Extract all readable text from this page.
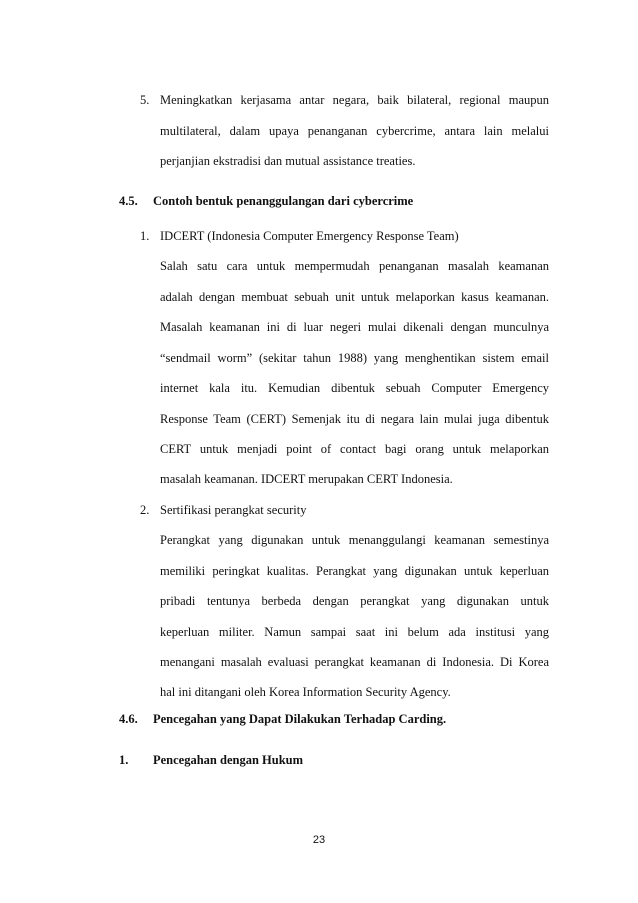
5. Meningkatkan kerjasama antar negara, baik bilateral, regional maupun
multilateral, dalam upaya penanganan cybercrime, antara lain melalui
perjanjian ekstradisi dan mutual assistance treaties.
4.5. Contoh bentuk penanggulangan dari cybercrime
1. IDCERT (Indonesia Computer Emergency Response Team)
Salah satu cara untuk mempermudah penanganan masalah keamanan
adalah dengan membuat sebuah unit untuk melaporkan kasus keamanan.
Masalah keamanan ini di luar negeri mulai dikenali dengan munculnya
“sendmail worm” (sekitar tahun 1988) yang menghentikan sistem email
internet kala itu. Kemudian dibentuk sebuah Computer Emergency
Response Team (CERT) Semenjak itu di negara lain mulai juga dibentuk
CERT untuk menjadi point of contact bagi orang untuk melaporkan
masalah keamanan. IDCERT merupakan CERT Indonesia.
2. Sertifikasi perangkat security
Perangkat yang digunakan untuk menanggulangi keamanan semestinya
memiliki peringkat kualitas. Perangkat yang digunakan untuk keperluan
pribadi tentunya berbeda dengan perangkat yang digunakan untuk
keperluan militer. Namun sampai saat ini belum ada institusi yang
menangani masalah evaluasi perangkat keamanan di Indonesia. Di Korea
hal ini ditangani oleh Korea Information Security Agency.
4.6. Pencegahan yang Dapat Dilakukan Terhadap Carding.
1. Pencegahan dengan Hukum
23
